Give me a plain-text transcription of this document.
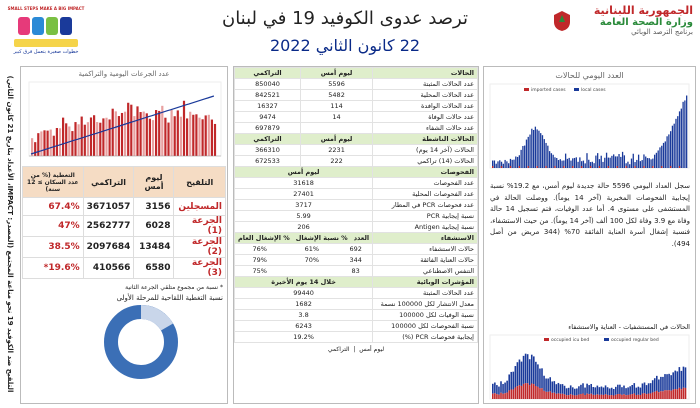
SMALL STEPS MAKE A BIG IMPACT
خطوات صغيرة بتعمل فرق كبير
ترصد عدوى الكوفيد 19 في لبنان
22 كانون الثاني 2022
الجمهورية اللبنانية
وزارة الصحة العامة
برنامج الترصد الوبائي
التلقيح ضد الكوفيد 19 نحو مناعة المجتمع (المصدر: IMPACT، الأعداد بتاريخ 21 كانون الثاني)
عدد الجرعات اليومية والتراكمية
التلقيح	ليوم أمس	التراكمي	التغطية (% من عدد السكان ≥ 12 سنة)
المسجلين	3156	3671057	67.4%
الجرعة (1)	6028	2562777	47%
الجرعة (2)	13484	2097684	38.5%
الجرعة (3)	6580	410566	19.6%*
* نسبة من مجموع متلقي الجرعة الثانية
نسبة التغطية اللقاحية للمرحلة الأولى
الحالات	ليوم أمس	التراكمي
عدد الحالات المثبتة	5596	850040
عدد الحالات المحلية	5482	842521
عدد الحالات الوافدة	114	16327
عدد حالات الوفاة	14	9474
عدد حالات الشفاء		697879
الحالات الناشطة	ليوم أمس	التراكمي
الحالات (آخر 14 يوم)	2231	366310
الحالات (14) تراكمي	222	672533
الفحوصات	ليوم أمس
عدد الفحوصات	31618
عدد الفحوصات المحلية	27401
عدد فحوصات PCR في المطار	3717
نسبة إيجابية PCR	5.99
نسبة إيجابية Antigen	206
الاستشفاء	
العدد	% نسبة الإشغال	% الإشغال العام

حالات الاستشفاء	
692	61%	76%

حالات العناية الفائقة	
344	70%	79%

التنفس الاصطناعي	
83		75%

المؤشرات الوبائية	خلال 14 يوم الأخيرة
عدد الحالات المثبتة	99440
معدل الانتشار لكل 100000 نسمة	1682
نسبة الوفيات لكل 100000	3.8
نسبة الفحوصات لكل 100000	6243
إيجابية فحوصات PCR (%)	19.2%
ليوم أمس  |  التراكمي
العدد اليومي للحالات
imported cases	local cases
سجل العداد اليومي 5596 حالة جديدة ليوم أمس، مع 19.2% نسبة إيجابية الفحوصات المخبرية (آخر 14 يوماً). ووصلت الحالة في المستشفى على مستوى 4. أما عدد الوفيات، فتم تسجيل 14 حالة وفاة مع 3.9 وفاة لكل 100 ألف (آخر 14 يوماً). من حيث الاستشفاء، فنسبة إشغال أسرة العناية الفائقة 70% (344 مريض من أصل 494).
الحالات في المستشفيات - العناية والاستشفاء
occupied icu bed	occupied regular bed
